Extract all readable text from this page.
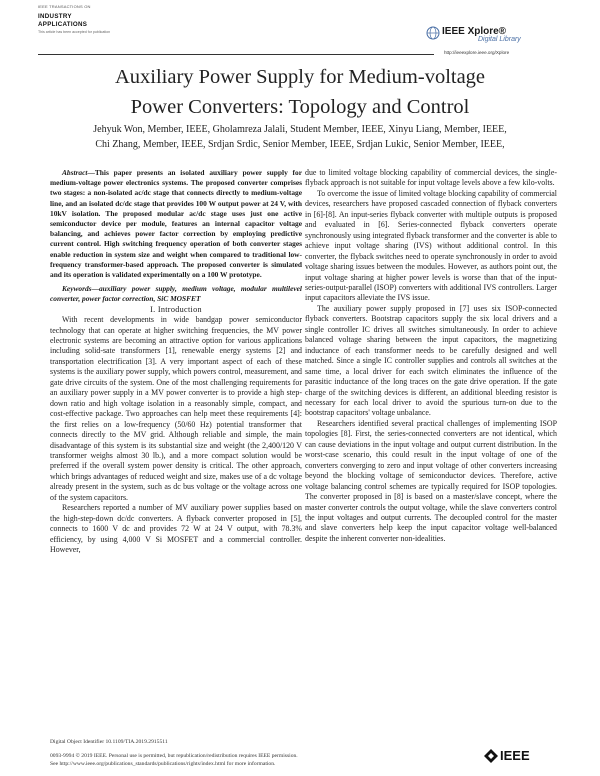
IEEE TRANSACTIONS ON
INDUSTRY
APPLICATIONS
This article has been accepted for publication	IEEE Xplore®
Digital Library
http://ieeexplore.ieee.org/Xplore
Auxiliary Power Supply for Medium-voltage
Power Converters: Topology and Control
Jehyuk Won, Member, IEEE, Gholamreza Jalali, Student Member, IEEE, Xinyu Liang, Member, IEEE,
Chi Zhang, Member, IEEE, Srdjan Srdic, Senior Member, IEEE, Srdjan Lukic, Senior Member, IEEE,

Abstract—This paper presents an isolated auxiliary power supply for medium-voltage power electronics systems. The proposed converter comprises two stages: a non-isolated ac/dc stage that connects directly to medium-voltage line, and an isolated dc/dc stage that provides 100 W output power at 24 V, with 10kV isolation. The proposed modular ac/dc stage uses just one active semiconductor device per module, features an internal capacitor voltage balancing, and achieves power factor correction by employing predictive current control. High switching frequency operation of both converter stages enable reduction in system size and weight when compared to traditional low-frequency transformer-based approach. The proposed converter is simulated and its operation is validated experimentally on a 100 W prototype.

Keywords—auxiliary power supply, medium voltage, modular multilevel converter, power factor correction, SiC MOSFET

I. Introduction

With recent developments in wide bandgap power semiconductor technology that can operate at higher switching frequencies, the MV power electronic systems are becoming an attractive option for various applications including solid-sate transformers [1], renewable energy systems [2] and transportation electrification [3]. A very important aspect of each of these systems is the auxiliary power supply, which powers control, measurement, and gate drive circuits of the system. One of the most challenging requirements for an auxiliary power supply in a MV power converter is to provide a high step-down ratio and high voltage isolation in a reasonably simple, compact, and cost-effective package. Two approaches can help meet these requirements [4]: the first relies on a low-frequency (50/60 Hz) potential transformer that connects directly to the MV grid. Although reliable and simple, the main disadvantage of this system is its substantial size and weight (the 2,400/120 V transformer weighs almost 30 lb.), and a more compact solution would be preferred if the overall system power density is critical. The other approach, which brings advantages of reduced weight and size, makes use of a dc voltage already present in the system, such as dc bus voltage or the voltage across one of the system capacitors.

Researchers reported a number of MV auxiliary power supplies based on the high-step-down dc/dc converters. A flyback converter proposed in [5], connects to 1600 V dc and provides 72 W at 24 V output, with 78.3% efficiency, by using 4,000 V Si MOSFET and a commercial controller. However,

due to limited voltage blocking capability of commercial devices, the single-flyback approach is not suitable for input voltage levels above a few kilo-volts.

To overcome the issue of limited voltage blocking capability of commercial devices, researchers have proposed cascaded connection of flyback converters in [6]-[8]. An input-series flyback converter with multiple outputs is proposed and evaluated in [6]. Series-connected flyback converters operate synchronously using integrated flyback transformer and the converter is able to achieve input voltage sharing (IVS) without additional control. In this converter, the flyback switches need to operate synchronously in order to avoid voltage sharing issues between the modules. However, as authors point out, the input voltage sharing at higher power levels is worse than that of the input-series-output-parallel (ISOP) converters with additional IVS controllers. Larger input capacitors alleviate the IVS issue.

The auxiliary power supply proposed in [7] uses six ISOP-connected flyback converters. Bootstrap capacitors supply the six local drivers and a single controller IC drives all switches simultaneously. In order to achieve balanced voltage sharing between the input capacitors, the magnetizing inductance of each transformer needs to be carefully designed and well matched. Since a single IC controller supplies and controls all switches at the same time, a local driver for each switch eliminates the influence of the parasitic inductance of the long traces on the gate drive operation. If the gate charge of the switching devices is different, an additional bleeding resistor is necessary for each local driver to avoid the spurious turn-on due to the bootstrap capacitors' voltage unbalance.

Researchers identified several practical challenges of implementing ISOP topologies [8]. First, the series-connected converters are not identical, which can cause deviations in the input voltage and output current distribution. In the worst-case scenario, this could result in the input voltage of one of the converters converging to zero and input voltage of other converters increasing beyond the blocking voltage of semiconductor devices. Therefore, active voltage balancing control schemes are typically required for ISOP topologies. The converter proposed in [8] is based on a master/slave concept, where the master converter controls the output voltage, while the slave converters control the input voltages and output currents. The decoupled control for the master and slave converters help keep the input capacitor voltage well-balanced despite the inherent converter non-idealities.

Digital Object Identifier 10.1109/TIA.2019.2915511
0093-9994 © 2019 IEEE. Personal use is permitted, but republication/redistribution requires IEEE permission.
See http://www.ieee.org/publications_standards/publications/rights/index.html for more information.
IEEE
